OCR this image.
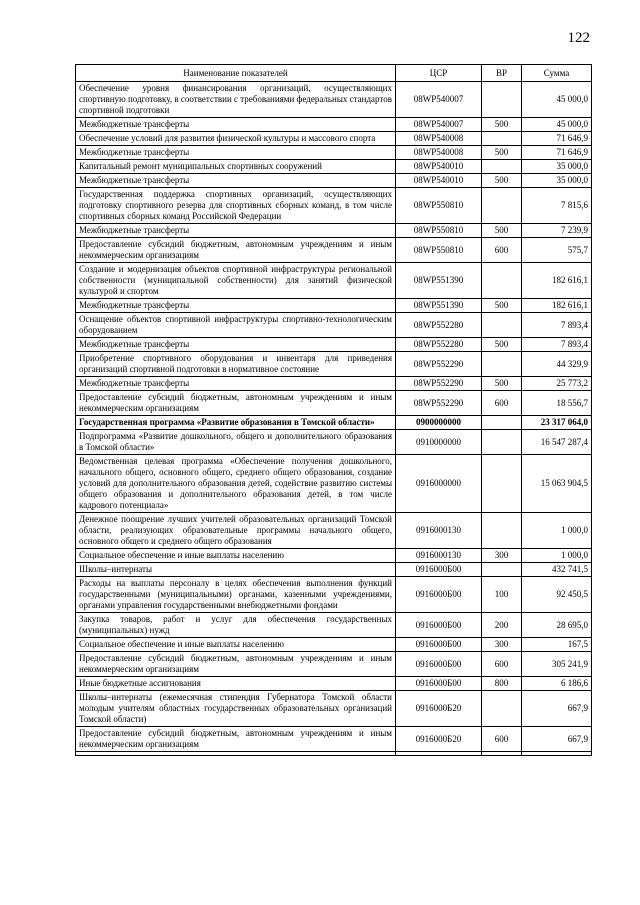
122
Наименование показателей	ЦСР	ВР	Сумма
Обеспечение уровня финансирования организаций, осуществляющих спортивную подготовку, в соответствии с требованиями федеральных стандартов спортивной подготовки	08WP540007		45 000,0
Межбюджетные трансферты	08WP540007	500	45 000,0
Обеспечение условий для развития физической культуры и массового спорта	08WP540008		71 646,9
Межбюджетные трансферты	08WP540008	500	71 646,9
Капитальный ремонт муниципальных спортивных сооружений	08WP540010		35 000,0
Межбюджетные трансферты	08WP540010	500	35 000,0
Государственная поддержка спортивных организаций, осуществляющих подготовку спортивного резерва для спортивных сборных команд, в том числе спортивных сборных команд Российской Федерации	08WP550810		7 815,6
Межбюджетные трансферты	08WP550810	500	7 239,9
Предоставление субсидий бюджетным, автономным учреждениям и иным некоммерческим организациям	08WP550810	600	575,7
Создание и модернизация объектов спортивной инфраструктуры региональной собственности (муниципальной собственности) для занятий физической культурой и спортом	08WP551390		182 616,1
Межбюджетные трансферты	08WP551390	500	182 616,1
Оснащение объектов спортивной инфраструктуры спортивно-технологическим оборудованием	08WP552280		7 893,4
Межбюджетные трансферты	08WP552280	500	7 893,4
Приобретение спортивного оборудования и инвентаря для приведения организаций спортивной подготовки в нормативное состояние	08WP552290		44 329,9
Межбюджетные трансферты	08WP552290	500	25 773,2
Предоставление субсидий бюджетным, автономным учреждениям и иным некоммерческим организациям	08WP552290	600	18 556,7
Государственная программа «Развитие образования в Томской области»	0900000000		23 317 064,0
Подпрограмма «Развитие дошкольного, общего и дополнительного образования в Томской области»	0910000000		16 547 287,4
Ведомственная целевая программа «Обеспечение получения дошкольного, начального общего, основного общего, среднего общего образования, создание условий для дополнительного образования детей, содействие развитию системы общего образования и дополнительного образования детей, в том числе кадрового потенциала»	0916000000		15 063 904,5
Денежное поощрение лучших учителей образовательных организаций Томской области, реализующих образовательные программы начального общего, основного общего и среднего общего образования	0916000130		1 000,0
Социальное обеспечение и иные выплаты населению	0916000130	300	1 000,0
Школы–интернаты	0916000Б00		432 741,5
Расходы на выплаты персоналу в целях обеспечения выполнения функций государственными (муниципальными) органами, казенными учреждениями, органами управления государственными внебюджетными фондами	0916000Б00	100	92 450,5
Закупка товаров, работ и услуг для обеспечения государственных (муниципальных) нужд	0916000Б00	200	28 695,0
Социальное обеспечение и иные выплаты населению	0916000Б00	300	167,5
Предоставление субсидий бюджетным, автономным учреждениям и иным некоммерческим организациям	0916000Б00	600	305 241,9
Иные бюджетные ассигнования	0916000Б00	800	6 186,6
Школы–интернаты (ежемесячная стипендия Губернатора Томской области молодым учителям областных государственных образовательных организаций Томской области)	0916000Б20		667,9
Предоставление субсидий бюджетным, автономным учреждениям и иным некоммерческим организациям	0916000Б20	600	667,9
